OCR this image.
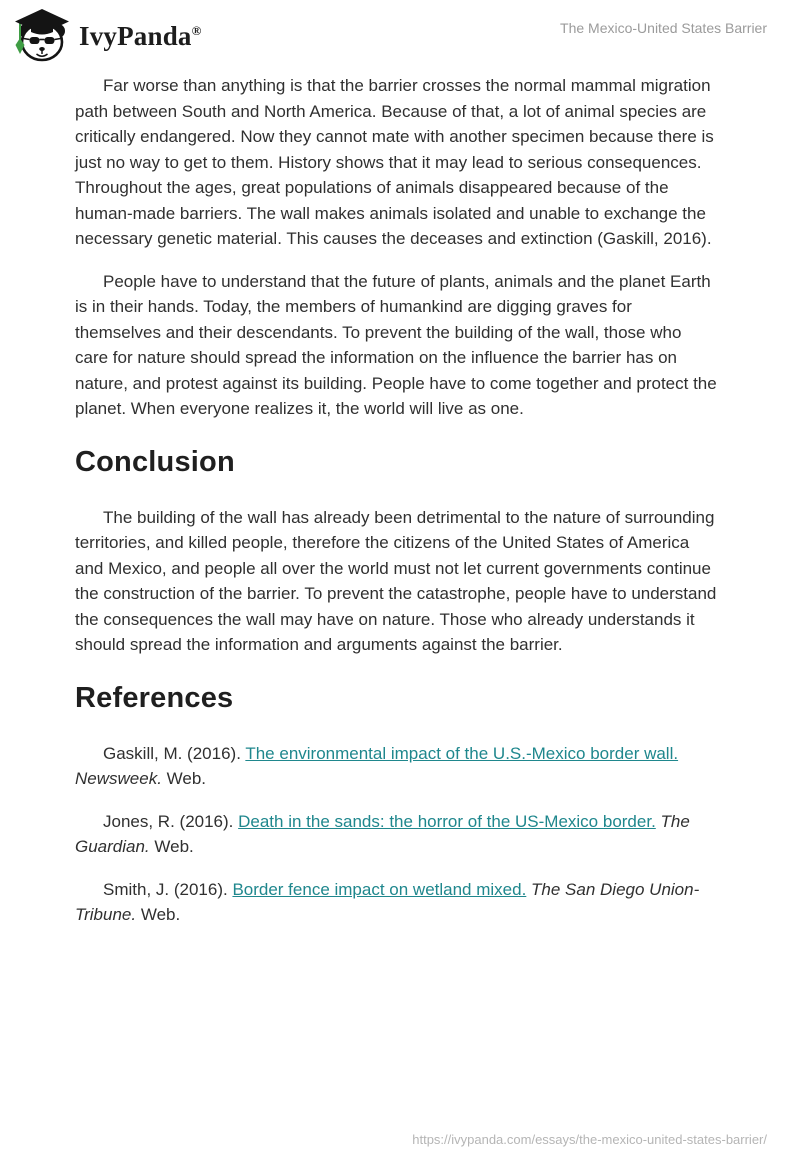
IvyPanda®	The Mexico-United States Barrier

Far worse than anything is that the barrier crosses the normal mammal migration path between South and North America. Because of that, a lot of animal species are critically endangered. Now they cannot mate with another specimen because there is just no way to get to them. History shows that it may lead to serious consequences. Throughout the ages, great populations of animals disappeared because of the human-made barriers. The wall makes animals isolated and unable to exchange the necessary genetic material. This causes the deceases and extinction (Gaskill, 2016).

People have to understand that the future of plants, animals and the planet Earth is in their hands. Today, the members of humankind are digging graves for themselves and their descendants. To prevent the building of the wall, those who care for nature should spread the information on the influence the barrier has on nature, and protest against its building. People have to come together and protect the planet. When everyone realizes it, the world will live as one.

Conclusion

The building of the wall has already been detrimental to the nature of surrounding territories, and killed people, therefore the citizens of the United States of America and Mexico, and people all over the world must not let current governments continue the construction of the barrier. To prevent the catastrophe, people have to understand the consequences the wall may have on nature. Those who already understands it should spread the information and arguments against the barrier.

References

Gaskill, M. (2016). The environmental impact of the U.S.-Mexico border wall. Newsweek. Web.

Jones, R. (2016). Death in the sands: the horror of the US-Mexico border. The Guardian. Web.

Smith, J. (2016). Border fence impact on wetland mixed. The San Diego Union-Tribune. Web.

https://ivypanda.com/essays/the-mexico-united-states-barrier/
